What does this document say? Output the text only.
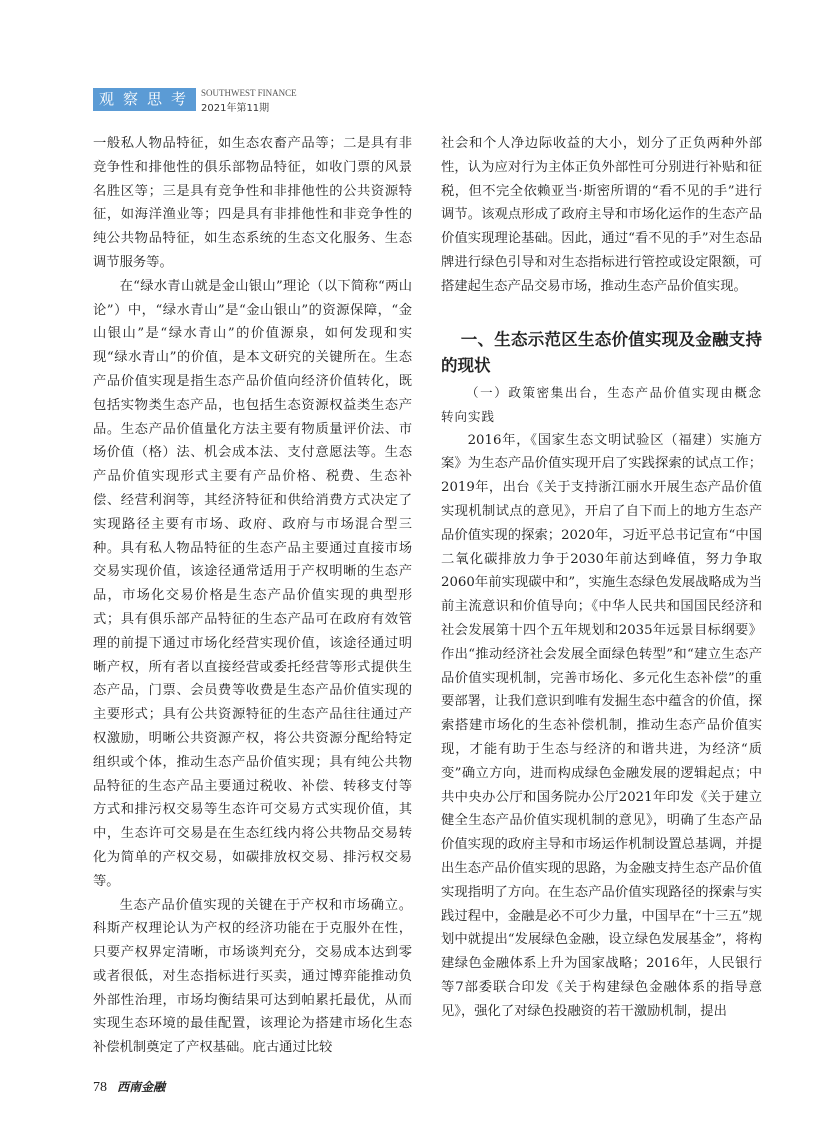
观察思考 SOUTHWEST FINANCE
2021年第11期

一般私人物品特征，如生态农畜产品等；二是具有非竞争性和排他性的俱乐部物品特征，如收门票的风景名胜区等；三是具有竞争性和非排他性的公共资源特征，如海洋渔业等；四是具有非排他性和非竞争性的纯公共物品特征，如生态系统的生态文化服务、生态调节服务等。

在“绿水青山就是金山银山”理论（以下简称“两山论”）中，“绿水青山”是“金山银山”的资源保障，“金山银山”是“绿水青山”的价值源泉，如何发现和实现“绿水青山”的价值，是本文研究的关键所在。生态产品价值实现是指生态产品价值向经济价值转化，既包括实物类生态产品，也包括生态资源权益类生态产品。生态产品价值量化方法主要有物质量评价法、市场价值（格）法、机会成本法、支付意愿法等。生态产品价值实现形式主要有产品价格、税费、生态补偿、经营利润等，其经济特征和供给消费方式决定了实现路径主要有市场、政府、政府与市场混合型三种。具有私人物品特征的生态产品主要通过直接市场交易实现价值，该途径通常适用于产权明晰的生态产品，市场化交易价格是生态产品价值实现的典型形式；具有俱乐部产品特征的生态产品可在政府有效管理的前提下通过市场化经营实现价值，该途径通过明晰产权，所有者以直接经营或委托经营等形式提供生态产品，门票、会员费等收费是生态产品价值实现的主要形式；具有公共资源特征的生态产品往往通过产权激励，明晰公共资源产权，将公共资源分配给特定组织或个体，推动生态产品价值实现；具有纯公共物品特征的生态产品主要通过税收、补偿、转移支付等方式和排污权交易等生态许可交易方式实现价值，其中，生态许可交易是在生态红线内将公共物品交易转化为简单的产权交易，如碳排放权交易、排污权交易等。

生态产品价值实现的关键在于产权和市场确立。科斯产权理论认为产权的经济功能在于克服外在性，只要产权界定清晰，市场谈判充分，交易成本达到零或者很低，对生态指标进行买卖，通过博弈能推动负外部性治理，市场均衡结果可达到帕累托最优，从而实现生态环境的最佳配置，该理论为搭建市场化生态补偿机制奠定了产权基础。庇古通过比较

社会和个人净边际收益的大小，划分了正负两种外部性，认为应对行为主体正负外部性可分别进行补贴和征税，但不完全依赖亚当·斯密所谓的“看不见的手”进行调节。该观点形成了政府主导和市场化运作的生态产品价值实现理论基础。因此，通过“看不见的手”对生态品牌进行绿色引导和对生态指标进行管控或设定限额，可搭建起生态产品交易市场，推动生态产品价值实现。

一、生态示范区生态价值实现及金融支持的现状

（一）政策密集出台，生态产品价值实现由概念转向实践

2016年，《国家生态文明试验区（福建）实施方案》为生态产品价值实现开启了实践探索的试点工作；2019年，出台《关于支持浙江丽水开展生态产品价值实现机制试点的意见》，开启了自下而上的地方生态产品价值实现的探索；2020年，习近平总书记宣布“中国二氧化碳排放力争于2030年前达到峰值，努力争取2060年前实现碳中和”，实施生态绿色发展战略成为当前主流意识和价值导向；《中华人民共和国国民经济和社会发展第十四个五年规划和2035年远景目标纲要》作出“推动经济社会发展全面绿色转型”和“建立生态产品价值实现机制，完善市场化、多元化生态补偿”的重要部署，让我们意识到唯有发掘生态中蕴含的价值，探索搭建市场化的生态补偿机制，推动生态产品价值实现，才能有助于生态与经济的和谐共进，为经济“质变”确立方向，进而构成绿色金融发展的逻辑起点；中共中央办公厅和国务院办公厅2021年印发《关于建立健全生态产品价值实现机制的意见》，明确了生态产品价值实现的政府主导和市场运作机制设置总基调，并提出生态产品价值实现的思路，为金融支持生态产品价值实现指明了方向。在生态产品价值实现路径的探索与实践过程中，金融是必不可少力量，中国早在“十三五”规划中就提出“发展绿色金融，设立绿色发展基金”，将构建绿色金融体系上升为国家战略；2016年，人民银行等7部委联合印发《关于构建绿色金融体系的指导意见》，强化了对绿色投融资的若干激励机制，提出

78 西南金融
